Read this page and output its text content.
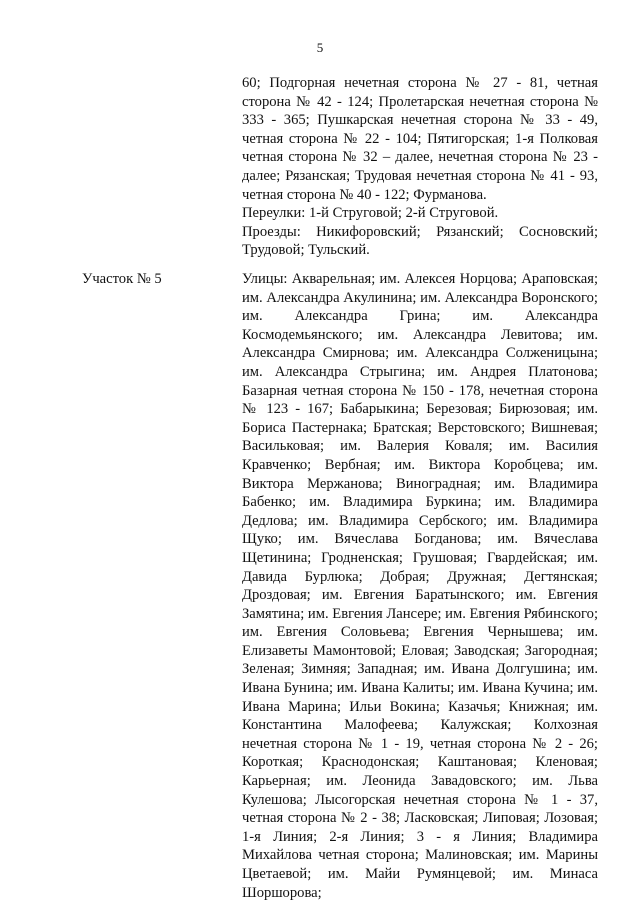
5

60; Подгорная нечетная сторона № 27 - 81, четная сторона № 42 - 124; Пролетарская нечетная сторона № 333 - 365; Пушкарская нечетная сторона № 33 - 49, четная сторона № 22 - 104; Пятигорская; 1-я Полковая четная сторона № 32 – далее, нечетная сторона № 23 - далее; Рязанская; Трудовая нечетная сторона № 41 - 93, четная сторона № 40 - 122; Фурманова.

Переулки: 1-й Струговой; 2-й Струговой.

Проезды: Никифоровский; Рязанский; Сосновский; Трудовой; Тульский.

Участок № 5	Улицы: Акварельная; им. Алексея Норцова; Араповская; им. Александра Акулинина; им. Александра Воронского; им. Александра Грина; им. Александра Космодемьянского; им. Александра Левитова; им. Александра Смирнова; им. Александра Солженицына; им. Александра Стрыгина; им. Андрея Платонова; Базарная четная сторона № 150 - 178, нечетная сторона № 123 - 167; Бабарыкина; Березовая; Бирюзовая; им. Бориса Пастернака; Братская; Верстовского; Вишневая; Васильковая; им. Валерия Коваля; им. Василия Кравченко; Вербная; им. Виктора Коробцева; им. Виктора Мержанова; Виноградная; им. Владимира Бабенко; им. Владимира Буркина; им. Владимира Дедлова; им. Владимира Сербского; им. Владимира Щуко; им. Вячеслава Богданова; им. Вячеслава Щетинина; Гродненская; Грушовая; Гвардейская; им. Давида Бурлюка; Добрая; Дружная; Дегтянская; Дроздовая; им. Евгения Баратынского; им. Евгения Замятина; им. Евгения Лансере; им. Евгения Рябинского; им. Евгения Соловьева; Евгения Чернышева; им. Елизаветы Мамонтовой; Еловая; Заводская; Загородная; Зеленая; Зимняя; Западная; им. Ивана Долгушина; им. Ивана Бунина; им. Ивана Калиты; им. Ивана Кучина; им. Ивана Марина; Ильи Вокина; Казачья; Книжная; им. Константина Малофеева; Калужская; Колхозная нечетная сторона № 1 - 19, четная сторона № 2 - 26; Короткая; Краснодонская; Каштановая; Кленовая; Карьерная; им. Леонида Завадовского; им. Льва Кулешова; Лысогорская нечетная сторона № 1 - 37, четная сторона № 2 - 38; Ласковская; Липовая; Лозовая; 1-я Линия; 2-я Линия; 3 - я Линия; Владимира Михайлова четная сторона; Малиновская; им. Марины Цветаевой; им. Майи Румянцевой; им. Минаса Шоршорова;
